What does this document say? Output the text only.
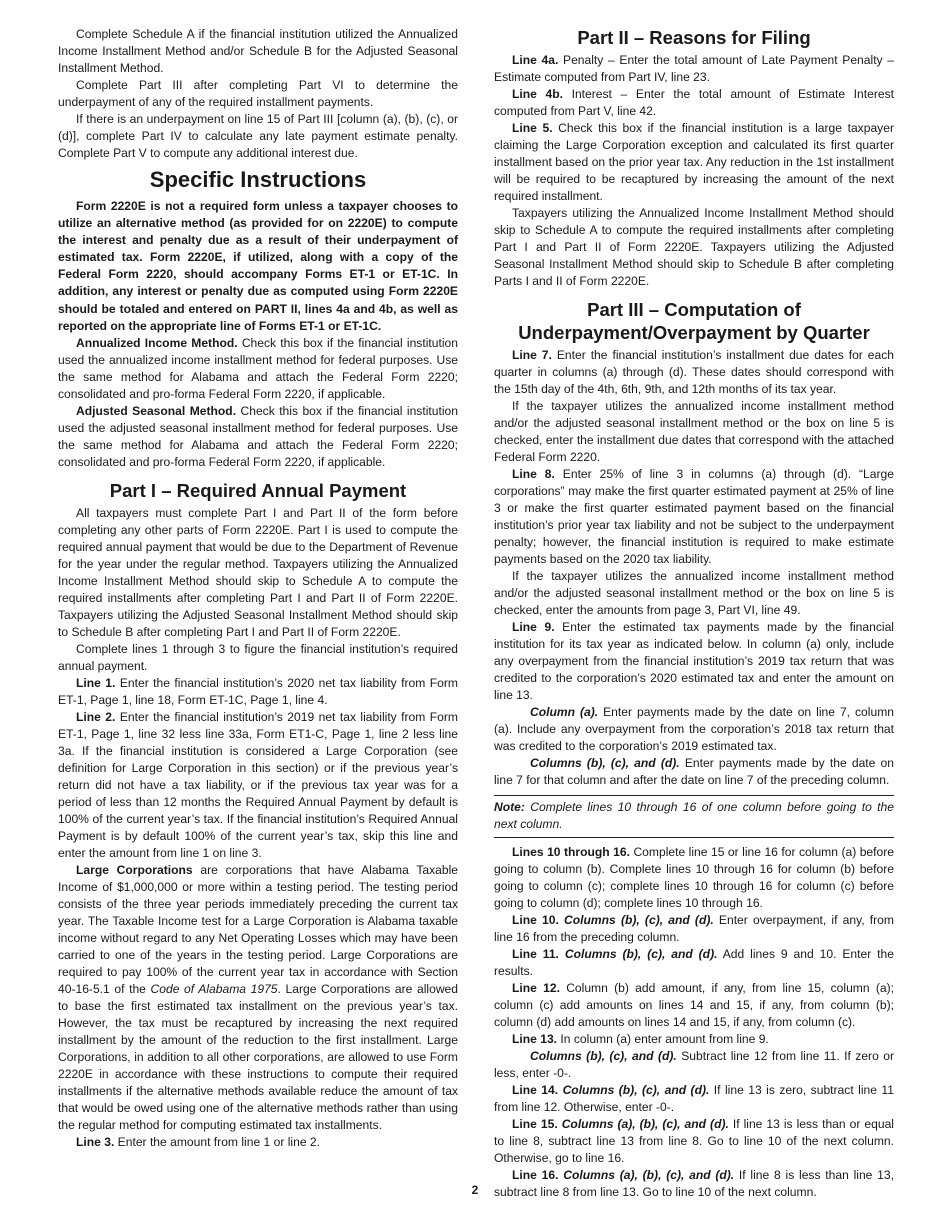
Complete Schedule A if the financial institution utilized the Annualized Income Installment Method and/or Schedule B for the Adjusted Seasonal Installment Method.

Complete Part III after completing Part VI to determine the underpayment of any of the required installment payments.

If there is an underpayment on line 15 of Part III [column (a), (b), (c), or (d)], complete Part IV to calculate any late payment estimate penalty. Complete Part V to compute any additional interest due.

Specific Instructions

Form 2220E is not a required form unless a taxpayer chooses to utilize an alternative method (as provided for on 2220E) to compute the interest and penalty due as a result of their underpayment of estimated tax. Form 2220E, if utilized, along with a copy of the Federal Form 2220, should accompany Forms ET-1 or ET-1C. In addition, any interest or penalty due as computed using Form 2220E should be totaled and entered on PART II, lines 4a and 4b, as well as reported on the appropriate line of Forms ET-1 or ET-1C.

Annualized Income Method. Check this box if the financial institution used the annualized income installment method for federal purposes. Use the same method for Alabama and attach the Federal Form 2220; consolidated and pro-forma Federal Form 2220, if applicable.

Adjusted Seasonal Method. Check this box if the financial institution used the adjusted seasonal installment method for federal purposes. Use the same method for Alabama and attach the Federal Form 2220; consolidated and pro-forma Federal Form 2220, if applicable.

Part I – Required Annual Payment

All taxpayers must complete Part I and Part II of the form before completing any other parts of Form 2220E. Part I is used to compute the required annual payment that would be due to the Department of Revenue for the year under the regular method. Taxpayers utilizing the Annualized Income Installment Method should skip to Schedule A to compute the required installments after completing Part I and Part II of Form 2220E. Taxpayers utilizing the Adjusted Seasonal Installment Method should skip to Schedule B after completing Part I and Part II of Form 2220E.

Complete lines 1 through 3 to figure the financial institution’s required annual payment.

Line 1. Enter the financial institution’s 2020 net tax liability from Form ET-1, Page 1, line 18, Form ET-1C, Page 1, line 4.

Line 2. Enter the financial institution’s 2019 net tax liability from Form ET-1, Page 1, line 32 less line 33a, Form ET1-C, Page 1, line 2 less line 3a. If the financial institution is considered a Large Corporation (see definition for Large Corporation in this section) or if the previous year’s return did not have a tax liability, or if the previous tax year was for a period of less than 12 months the Required Annual Payment by default is 100% of the current year’s tax. If the financial institution’s Required Annual Payment is by default 100% of the current year’s tax, skip this line and enter the amount from line 1 on line 3.

Large Corporations are corporations that have Alabama Taxable Income of $1,000,000 or more within a testing period. The testing period consists of the three year periods immediately preceding the current tax year. The Taxable Income test for a Large Corporation is Alabama taxable income without regard to any Net Operating Losses which may have been carried to one of the years in the testing period. Large Corporations are required to pay 100% of the current year tax in accordance with Section 40-16-5.1 of the Code of Alabama 1975. Large Corporations are allowed to base the first estimated tax installment on the previous year’s tax. However, the tax must be recaptured by increasing the next required installment by the amount of the reduction to the first installment. Large Corporations, in addition to all other corporations, are allowed to use Form 2220E in accordance with these instructions to compute their required installments if the alternative methods available reduce the amount of tax that would be owed using one of the alternative methods rather than using the regular method for computing estimated tax installments.

Line 3. Enter the amount from line 1 or line 2.

Part II – Reasons for Filing

Line 4a. Penalty – Enter the total amount of Late Payment Penalty – Estimate computed from Part IV, line 23.

Line 4b. Interest – Enter the total amount of Estimate Interest computed from Part V, line 42.

Line 5. Check this box if the financial institution is a large taxpayer claiming the Large Corporation exception and calculated its first quarter installment based on the prior year tax. Any reduction in the 1st installment will be required to be recaptured by increasing the amount of the next required installment.

Taxpayers utilizing the Annualized Income Installment Method should skip to Schedule A to compute the required installments after completing Part I and Part II of Form 2220E. Taxpayers utilizing the Adjusted Seasonal Installment Method should skip to Schedule B after completing Parts I and II of Form 2220E.

Part III – Computation of
Underpayment/Overpayment by Quarter

Line 7. Enter the financial institution’s installment due dates for each quarter in columns (a) through (d). These dates should correspond with the 15th day of the 4th, 6th, 9th, and 12th months of its tax year.

If the taxpayer utilizes the annualized income installment method and/or the adjusted seasonal installment method or the box on line 5 is checked, enter the installment due dates that correspond with the attached Federal Form 2220.

Line 8. Enter 25% of line 3 in columns (a) through (d). “Large corporations” may make the first quarter estimated payment at 25% of line 3 or make the first quarter estimated payment based on the financial institution’s prior year tax liability and not be subject to the underpayment penalty; however, the financial institution is required to make estimate payments based on the 2020 tax liability.

If the taxpayer utilizes the annualized income installment method and/or the adjusted seasonal installment method or the box on line 5 is checked, enter the amounts from page 3, Part VI, line 49.

Line 9. Enter the estimated tax payments made by the financial institution for its tax year as indicated below. In column (a) only, include any overpayment from the financial institution’s 2019 tax return that was credited to the corporation’s 2020 estimated tax and enter the amount on line 13.

Column (a). Enter payments made by the date on line 7, column (a). Include any overpayment from the corporation’s 2018 tax return that was credited to the corporation’s 2019 estimated tax.

Columns (b), (c), and (d). Enter payments made by the date on line 7 for that column and after the date on line 7 of the preceding column.

Note: Complete lines 10 through 16 of one column before going to the next column.

Lines 10 through 16. Complete line 15 or line 16 for column (a) before going to column (b). Complete lines 10 through 16 for column (b) before going to column (c); complete lines 10 through 16 for column (c) before going to column (d); complete lines 10 through 16.

Line 10. Columns (b), (c), and (d). Enter overpayment, if any, from line 16 from the preceding column.

Line 11. Columns (b), (c), and (d). Add lines 9 and 10. Enter the results.

Line 12. Column (b) add amount, if any, from line 15, column (a); column (c) add amounts on lines 14 and 15, if any, from column (b); column (d) add amounts on lines 14 and 15, if any, from column (c).

Line 13. In column (a) enter amount from line 9.

Columns (b), (c), and (d). Subtract line 12 from line 11. If zero or less, enter -0-.

Line 14. Columns (b), (c), and (d). If line 13 is zero, subtract line 11 from line 12. Otherwise, enter -0-.

Line 15. Columns (a), (b), (c), and (d). If line 13 is less than or equal to line 8, subtract line 13 from line 8. Go to line 10 of the next column. Otherwise, go to line 16.

Line 16. Columns (a), (b), (c), and (d). If line 8 is less than line 13, subtract line 8 from line 13. Go to line 10 of the next column.

2
